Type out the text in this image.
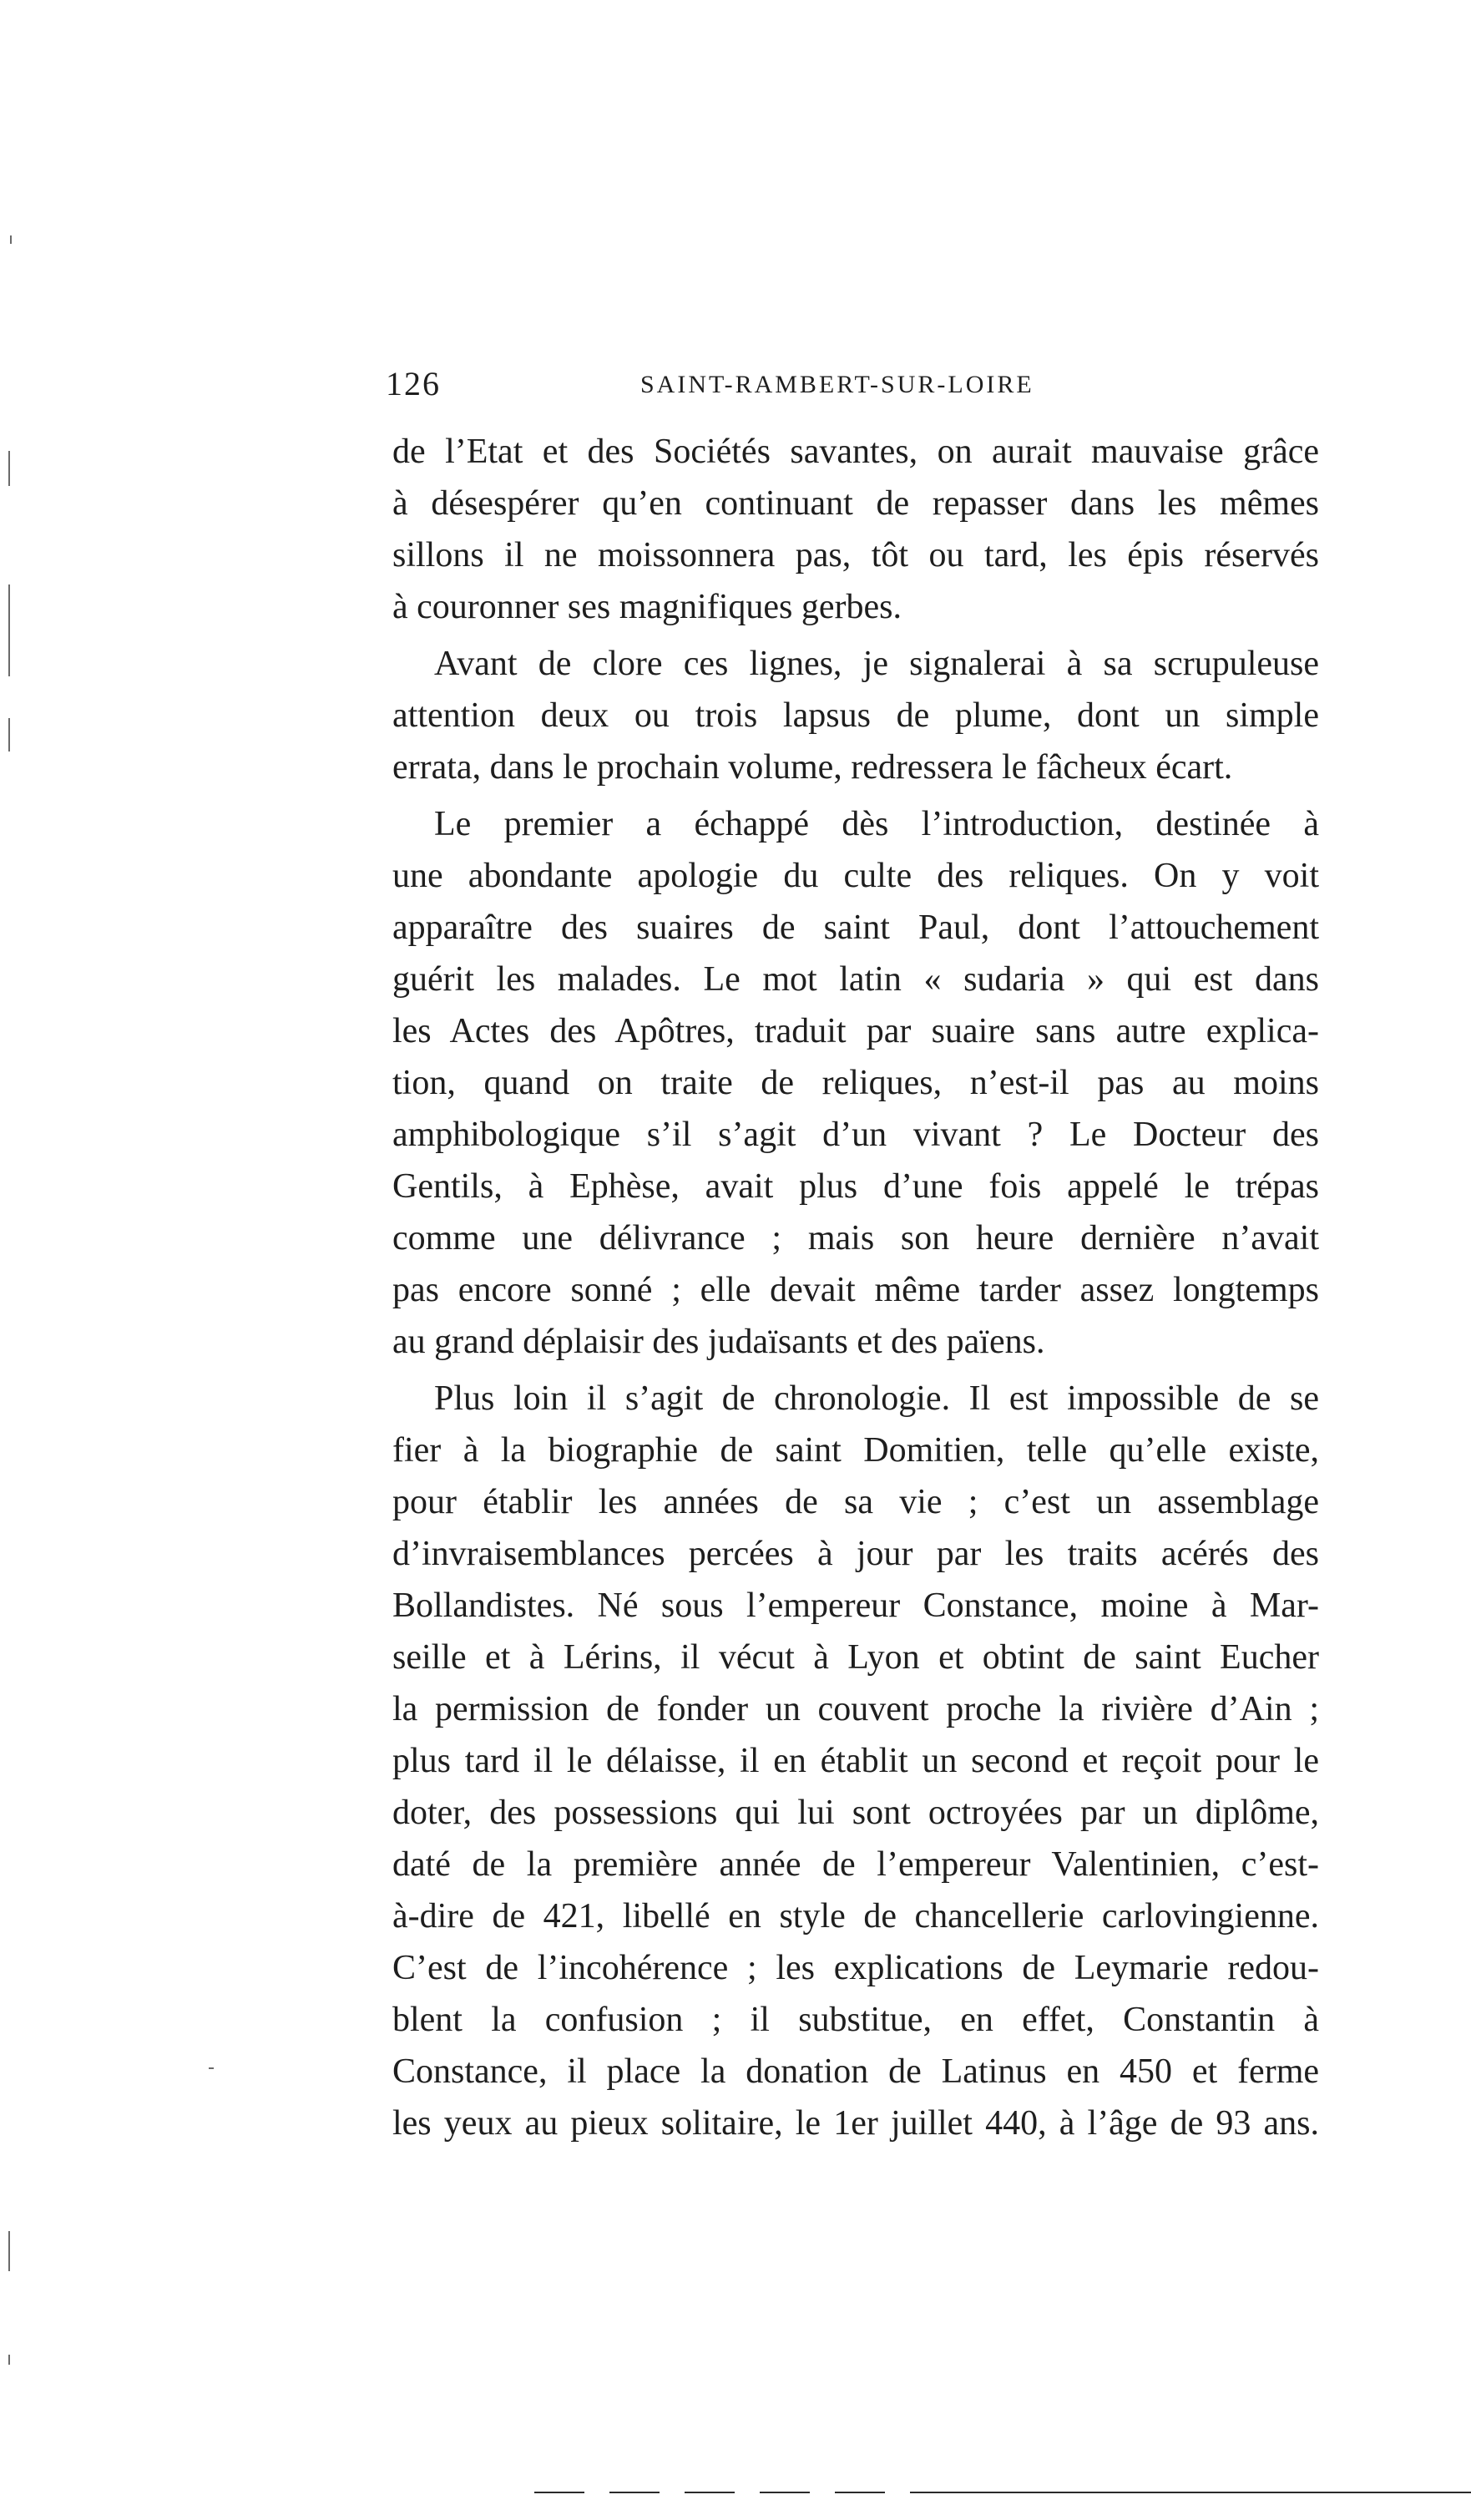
126	SAINT-RAMBERT-SUR-LOIRE
de l’Etat et des Sociétés savantes, on aurait mauvaise grâce
à désespérer qu’en continuant de repasser dans les mêmes
sillons il ne moissonnera pas, tôt ou tard, les épis réservés
à couronner ses magnifiques gerbes.
Avant de clore ces lignes, je signalerai à sa scrupuleuse
attention deux ou trois lapsus de plume, dont un simple
errata, dans le prochain volume, redressera le fâcheux écart.
Le premier a échappé dès l’introduction, destinée à
une abondante apologie du culte des reliques. On y voit
apparaître des suaires de saint Paul, dont l’attouchement
guérit les malades. Le mot latin « sudaria » qui est dans
les Actes des Apôtres, traduit par suaire sans autre explica-
tion, quand on traite de reliques, n’est-il pas au moins
amphibologique s’il s’agit d’un vivant ? Le Docteur des
Gentils, à Ephèse, avait plus d’une fois appelé le trépas
comme une délivrance ; mais son heure dernière n’avait
pas encore sonné ; elle devait même tarder assez longtemps
au grand déplaisir des judaïsants et des païens.
Plus loin il s’agit de chronologie. Il est impossible de se
fier à la biographie de saint Domitien, telle qu’elle existe,
pour établir les années de sa vie ; c’est un assemblage
d’invraisemblances percées à jour par les traits acérés des
Bollandistes. Né sous l’empereur Constance, moine à Mar-
seille et à Lérins, il vécut à Lyon et obtint de saint Eucher
la permission de fonder un couvent proche la rivière d’Ain ;
plus tard il le délaisse, il en établit un second et reçoit pour le
doter, des possessions qui lui sont octroyées par un diplôme,
daté de la première année de l’empereur Valentinien, c’est-
à-dire de 421, libellé en style de chancellerie carlovingienne.
C’est de l’incohérence ; les explications de Leymarie redou-
blent la confusion ; il substitue, en effet, Constantin à
Constance, il place la donation de Latinus en 450 et ferme
les yeux au pieux solitaire, le 1er juillet 440, à l’âge de 93 ans.
